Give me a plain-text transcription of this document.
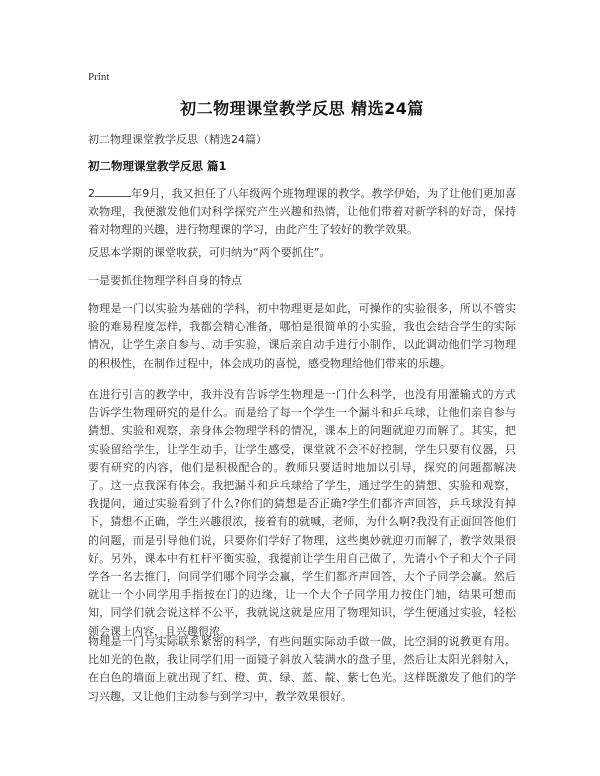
Print
初二物理课堂教学反思 精选24篇
初二物理课堂教学反思（精选24篇）
初二物理课堂教学反思 篇1

2	年9月，我又担任了八年级两个班物理课的教学。教学伊始，为了让他们更加喜欢物理，我便激发他们对科学探究产生兴趣和热情，让他们带着对新学科的好奇，保持着对物理的兴趣，进行物理课的学习，由此产生了较好的教学效果。

反思本学期的课堂收获，可归纳为“两个要抓住”。

一是要抓住物理学科自身的特点

物理是一门以实验为基础的学科，初中物理更是如此，可操作的实验很多，所以不管实验的难易程度怎样，我都会精心准备，哪怕是很简单的小实验，我也会结合学生的实际情况，让学生亲自参与、动手实验，课后亲自动手进行小制作，以此调动他们学习物理的积极性，在制作过程中，体会成功的喜悦，感受物理给他们带来的乐趣。

在进行引言的教学中，我并没有告诉学生物理是一门什么科学，也没有用灌输式的方式告诉学生物理研究的是什么。而是给了每一个学生一个漏斗和乒乓球，让他们亲自参与猜想、实验和观察，亲身体会物理学科的情况，课本上的问题就迎刃而解了。其实，把实验留给学生，让学生动手，让学生感受，课堂就不会不好控制，学生只要有仪器，只要有研究的内容，他们是积极配合的。教师只要适时地加以引导，探究的问题都解决了。这一点我深有体会。我把漏斗和乒乓球给了学生，通过学生的猜想、实验和观察，我提问，通过实验看到了什么?你们的猜想是否正确?学生们都齐声回答，乒乓球没有掉下，猜想不正确，学生兴趣很浓，接着有的就喊，老师，为什么啊?我没有正面回答他们的问题，而是引导他们说，只要你们学好了物理，这些奥妙就迎刃而解了，教学效果很好。另外，课本中有杠杆平衡实验，我提前让学生用自己做了，先请小个子和大个子同学各一名去推门，问同学们哪个同学会赢，学生们都齐声回答，大个子同学会赢。然后就让一个小同学用手指按在门的边缘，让一个大个子同学用力按住门轴，结果可想而知，同学们就会说这样不公平，我就说这就是应用了物理知识，学生便通过实验，轻松领会课上内容，且兴趣很浓。

物理是一门与实际联系紧密的科学，有些问题实际动手做一做，比空洞的说教更有用。比如光的色散，我让同学们用一面镜子斜放入装满水的盘子里，然后让太阳光斜射入，在白色的墙面上就出现了红、橙、黄、绿、蓝、靛、紫七色光。这样既激发了他们的学习兴趣，又让他们主动参与到学习中，教学效果很好。
